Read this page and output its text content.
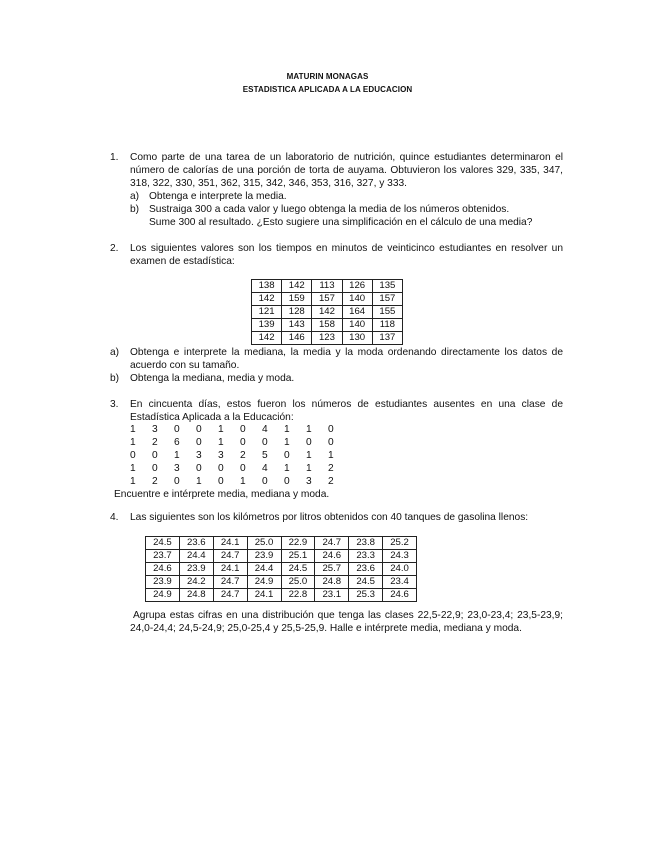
MATURIN MONAGAS
ESTADISTICA APLICADA A LA EDUCACION
1. Como parte de una tarea de un laboratorio de nutrición, quince estudiantes determinaron el número de calorías de una porción de torta de auyama. Obtuvieron los valores 329, 335, 347, 318, 322, 330, 351, 362, 315, 342, 346, 353, 316, 327, y 333.
a) Obtenga e interprete la media.
b) Sustraiga 300 a cada valor y luego obtenga la media de los números obtenidos.
Sume 300 al resultado. ¿Esto sugiere una simplificación en el cálculo de una media?
2. Los siguientes valores son los tiempos en minutos de veinticinco estudiantes en resolver un examen de estadística:
138	142	113	126	135
142	159	157	140	157
121	128	142	164	155
139	143	158	140	118
142	146	123	130	137
a) Obtenga e interprete la mediana, la media y la moda ordenando directamente los datos de acuerdo con su tamaño.
b) Obtenga la mediana, media y moda.
3. En cincuenta días, estos fueron los números de estudiantes ausentes en una clase de Estadística Aplicada a la Educación:
1	3	0	0	1	0	4	1	1	0
1	2	6	0	1	0	0	1	0	0
0	0	1	3	3	2	5	0	1	1
1	0	3	0	0	0	4	1	1	2
1	2	0	1	0	1	0	0	3	2
Encuentre e intérprete media, mediana y moda.
4. Las siguientes son los kilómetros por litros obtenidos con 40 tanques de gasolina llenos:
24.5	23.6	24.1	25.0	22.9	24.7	23.8	25.2
23.7	24.4	24.7	23.9	25.1	24.6	23.3	24.3
24.6	23.9	24.1	24.4	24.5	25.7	23.6	24.0
23.9	24.2	24.7	24.9	25.0	24.8	24.5	23.4
24.9	24.8	24.7	24.1	22.8	23.1	25.3	24.6
Agrupa estas cifras en una distribución que tenga las clases 22,5-22,9; 23,0-23,4; 23,5-23,9; 24,0-24,4; 24,5-24,9; 25,0-25,4 y 25,5-25,9. Halle e intérprete media, mediana y moda.
